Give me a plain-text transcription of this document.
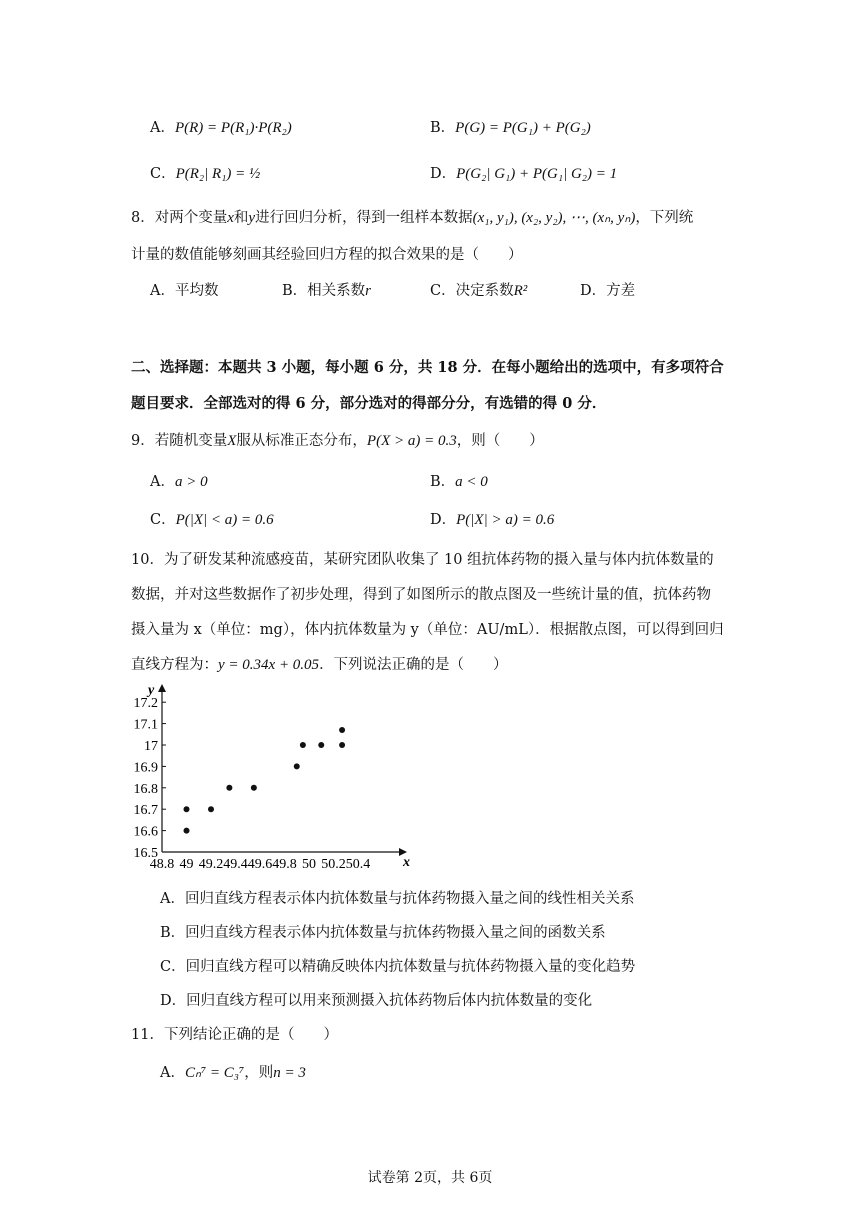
A．P(R) = P(R₁)·P(R₂)	B．P(G) = P(G₁) + P(G₂)
C．P(R₂| R₁) = ½	D．P(G₂| G₁) + P(G₁| G₂) = 1
8．对两个变量x和y进行回归分析，得到一组样本数据(x₁, y₁), (x₂, y₂), ⋯, (xₙ, yₙ)，下列统
计量的数值能够刻画其经验回归方程的拟合效果的是（　　）
A．平均数	B．相关系数r	C．决定系数R²	D．方差
二、选择题：本题共 3 小题，每小题 6 分，共 18 分．在每小题给出的选项中，有多项符合
题目要求．全部选对的得 6 分，部分选对的得部分分，有选错的得 0 分．
9．若随机变量X服从标准正态分布，P(X > a) = 0.3，则（　　）
A．a > 0	B．a < 0
C．P(|X| < a) = 0.6	D．P(|X| > a) = 0.6
10．为了研发某种流感疫苗，某研究团队收集了 10 组抗体药物的摄入量与体内抗体数量的
数据，并对这些数据作了初步处理，得到了如图所示的散点图及一些统计量的值，抗体药物
摄入量为 x（单位：mg），体内抗体数量为 y（单位：AU/mL）．根据散点图，可以得到回归
直线方程为：y = 0.34x + 0.05．下列说法正确的是（　　）
x
y
48.8 49 49.2 49.4 49.6 49.8 50 50.2 50.4
16.5
16.6
16.7
16.8
16.9
17
17.1
17.2
A．回归直线方程表示体内抗体数量与抗体药物摄入量之间的线性相关关系
B．回归直线方程表示体内抗体数量与抗体药物摄入量之间的函数关系
C．回归直线方程可以精确反映体内抗体数量与抗体药物摄入量的变化趋势
D．回归直线方程可以用来预测摄入抗体药物后体内抗体数量的变化
11．下列结论正确的是（　　）
A．Cₙ⁷ = C₃⁷，则n = 3
试卷第 2页，共 6页
